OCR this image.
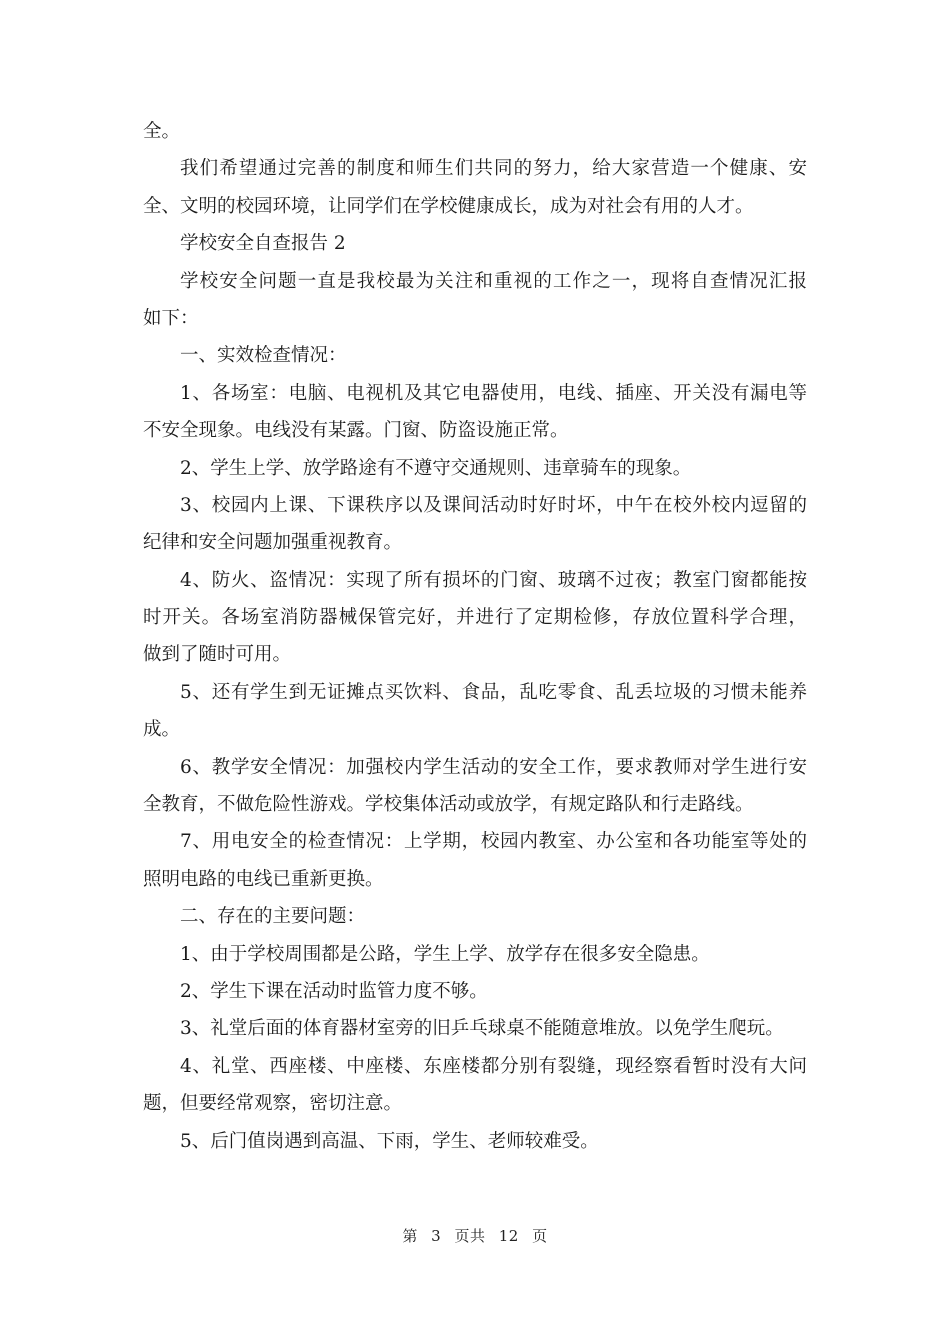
全。
我们希望通过完善的制度和师生们共同的努力，给大家营造一个健康、安
全、文明的校园环境，让同学们在学校健康成长，成为对社会有用的人才。
学校安全自查报告 2
学校安全问题一直是我校最为关注和重视的工作之一，现将自查情况汇报
如下：
一、实效检查情况：
1、各场室：电脑、电视机及其它电器使用，电线、插座、开关没有漏电等
不安全现象。电线没有某露。门窗、防盗设施正常。
2、学生上学、放学路途有不遵守交通规则、违章骑车的现象。
3、校园内上课、下课秩序以及课间活动时好时坏，中午在校外校内逗留的
纪律和安全问题加强重视教育。
4、防火、盗情况：实现了所有损坏的门窗、玻璃不过夜；教室门窗都能按
时开关。各场室消防器械保管完好，并进行了定期检修，存放位置科学合理，
做到了随时可用。
5、还有学生到无证摊点买饮料、食品，乱吃零食、乱丢垃圾的习惯未能养
成。
6、教学安全情况：加强校内学生活动的安全工作，要求教师对学生进行安
全教育，不做危险性游戏。学校集体活动或放学，有规定路队和行走路线。
7、用电安全的检查情况：上学期，校园内教室、办公室和各功能室等处的
照明电路的电线已重新更换。
二、存在的主要问题：
1、由于学校周围都是公路，学生上学、放学存在很多安全隐患。
2、学生下课在活动时监管力度不够。
3、礼堂后面的体育器材室旁的旧乒乓球桌不能随意堆放。以免学生爬玩。
4、礼堂、西座楼、中座楼、东座楼都分别有裂缝，现经察看暂时没有大问
题，但要经常观察，密切注意。
5、后门值岗遇到高温、下雨，学生、老师较难受。
第 3 页共 12 页
